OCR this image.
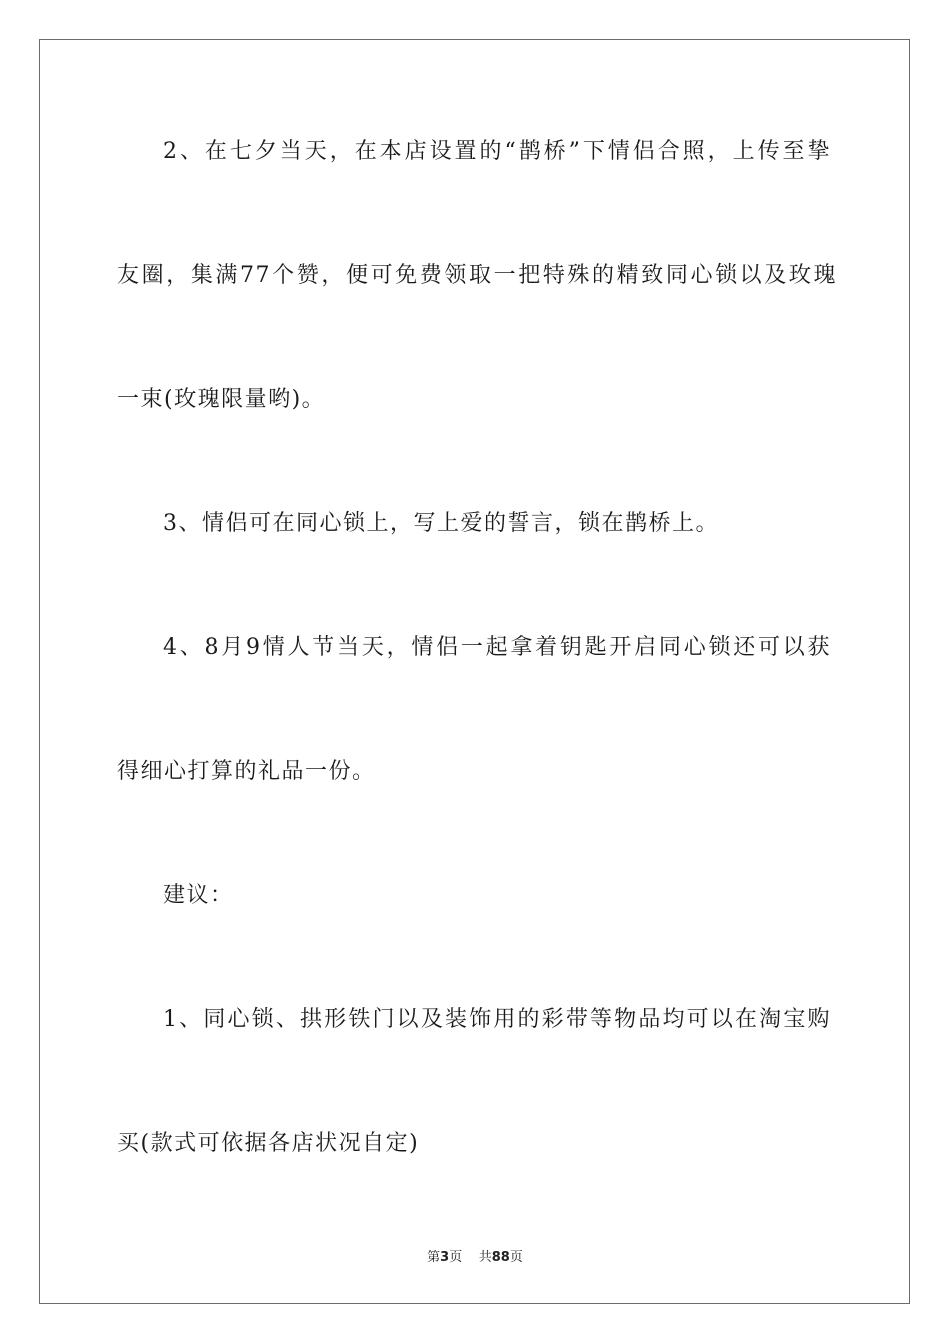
2、在七夕当天，在本店设置的“鹊桥”下情侣合照，上传至挚
友圈，集满77个赞，便可免费领取一把特殊的精致同心锁以及玫瑰
一束(玫瑰限量哟)。
3、情侣可在同心锁上，写上爱的誓言，锁在鹊桥上。
4、8月9情人节当天，情侣一起拿着钥匙开启同心锁还可以获
得细心打算的礼品一份。
建议：
1、同心锁、拱形铁门以及装饰用的彩带等物品均可以在淘宝购
买(款式可依据各店状况自定)
第3页 共88页
